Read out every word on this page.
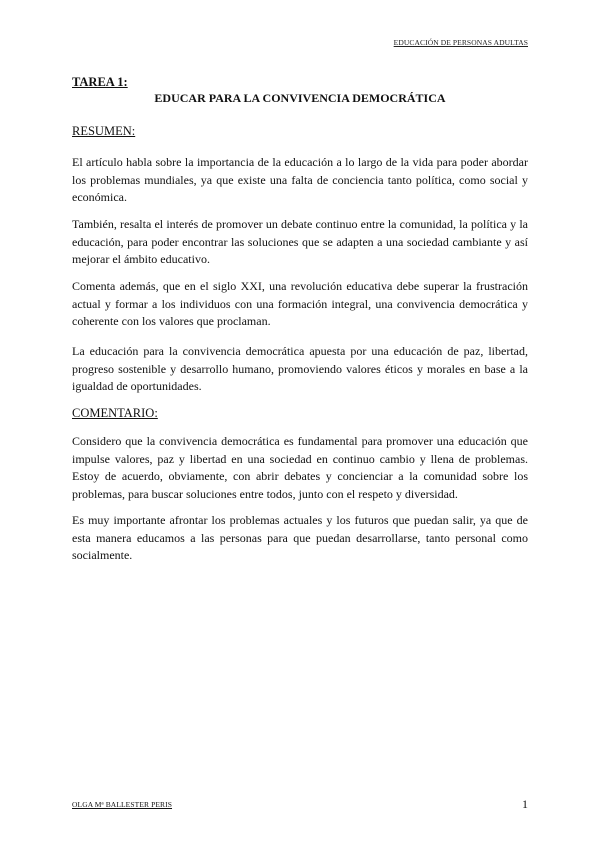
EDUCACIÓN DE PERSONAS ADULTAS
TAREA 1:
EDUCAR PARA LA CONVIVENCIA DEMOCRÁTICA
RESUMEN:

El artículo habla sobre la importancia de la educación a lo largo de la vida para poder abordar los problemas mundiales, ya que existe una falta de conciencia tanto política, como social y económica.

También, resalta el interés de promover un debate continuo entre la comunidad, la política y la educación, para poder encontrar las soluciones que se adapten a una sociedad cambiante y así mejorar el ámbito educativo.

Comenta además, que en el siglo XXI, una revolución educativa debe superar la frustración actual y formar a los individuos con una formación integral, una convivencia democrática y coherente con los valores que proclaman.

La educación para la convivencia democrática apuesta por una educación de paz, libertad, progreso sostenible y desarrollo humano, promoviendo valores éticos y morales en base a la igualdad de oportunidades.

COMENTARIO:

Considero que la convivencia democrática es fundamental para promover una educación que impulse valores, paz y libertad en una sociedad en continuo cambio y llena de problemas. Estoy de acuerdo, obviamente, con abrir debates y concienciar a la comunidad sobre los problemas, para buscar soluciones entre todos, junto con el respeto y diversidad.

Es muy importante afrontar los problemas actuales y los futuros que puedan salir, ya que de esta manera educamos a las personas para que puedan desarrollarse, tanto personal como socialmente.

OLGA Mª BALLESTER PERIS	1
